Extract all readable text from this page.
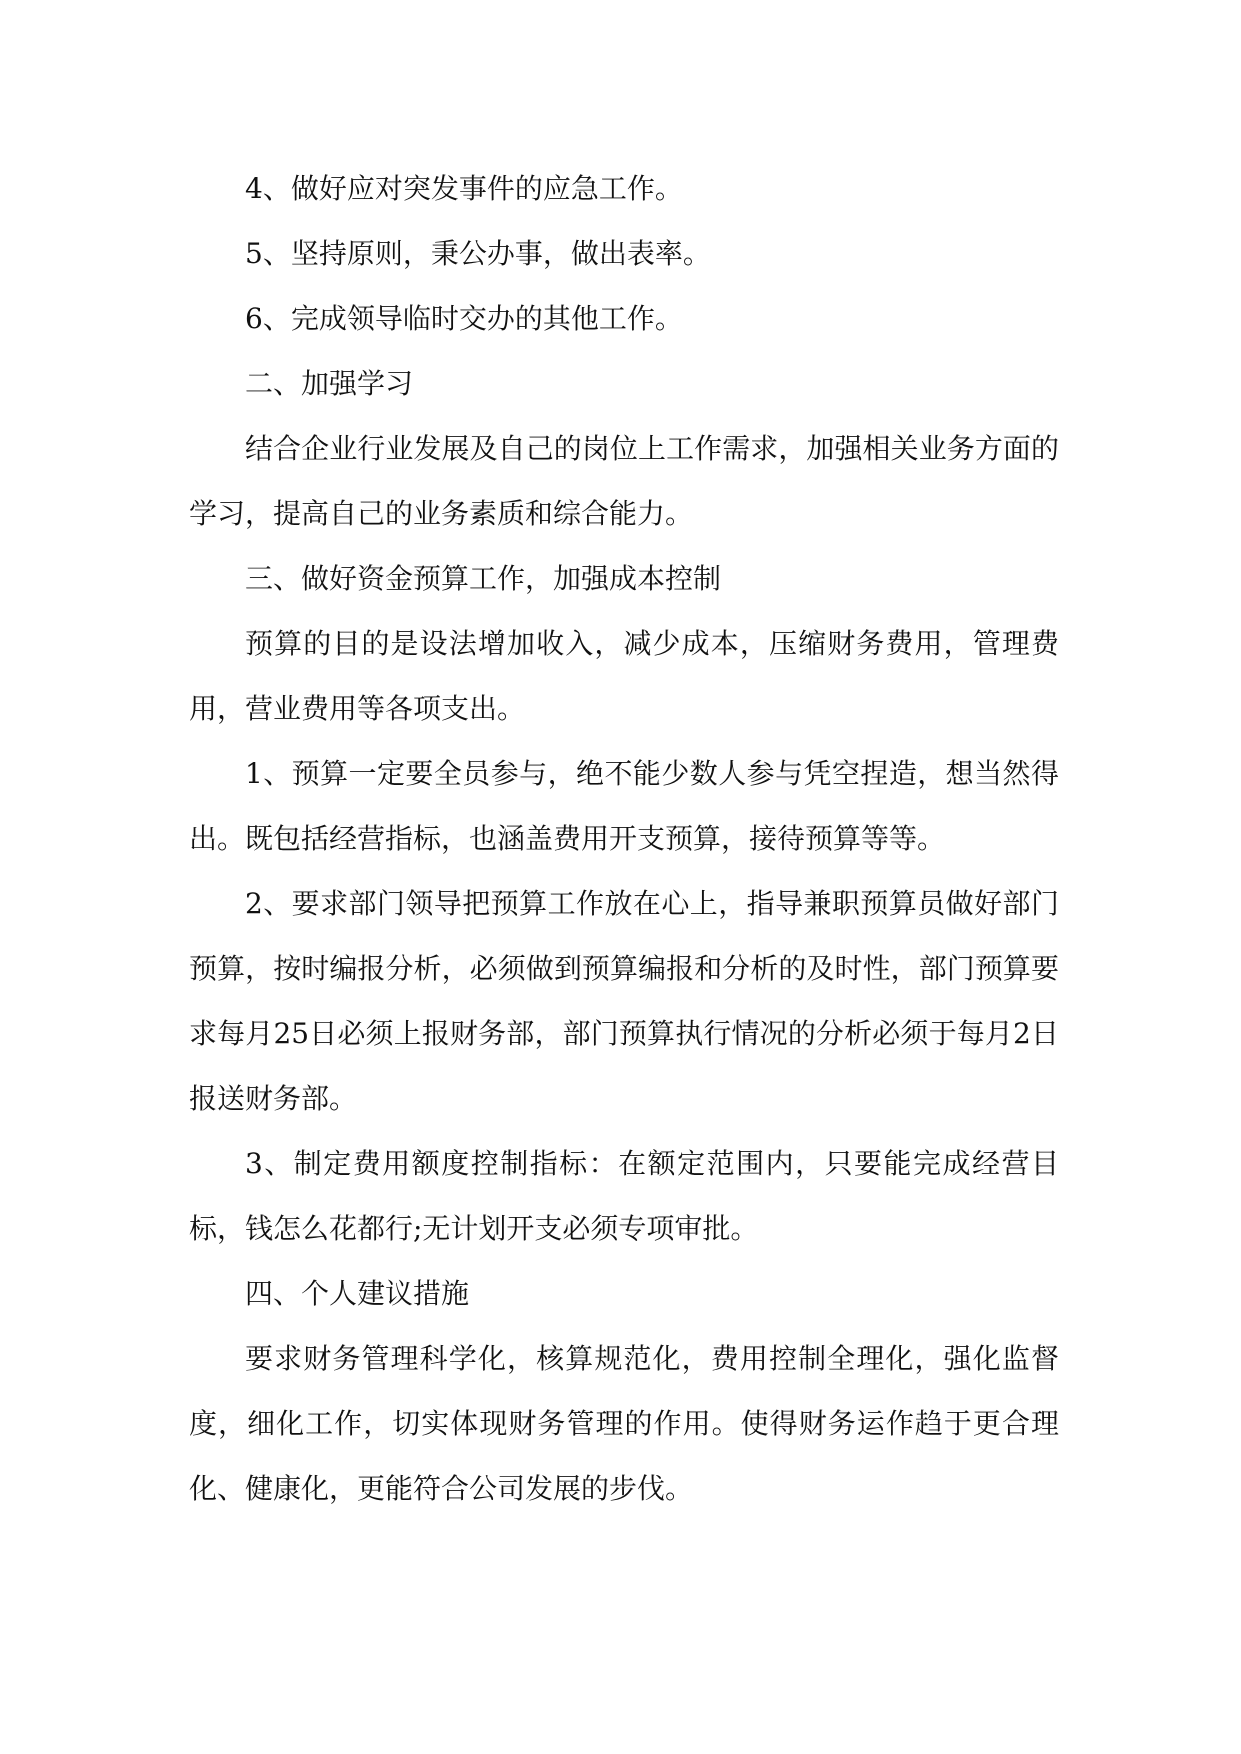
4、做好应对突发事件的应急工作。

5、坚持原则，秉公办事，做出表率。

6、完成领导临时交办的其他工作。

二、加强学习

结合企业行业发展及自己的岗位上工作需求，加强相关业务方面的学习，提高自己的业务素质和综合能力。

三、做好资金预算工作，加强成本控制

预算的目的是设法增加收入，减少成本，压缩财务费用，管理费用，营业费用等各项支出。

1、预算一定要全员参与，绝不能少数人参与凭空捏造，想当然得出。既包括经营指标，也涵盖费用开支预算，接待预算等等。

2、要求部门领导把预算工作放在心上，指导兼职预算员做好部门预算，按时编报分析，必须做到预算编报和分析的及时性，部门预算要求每月25日必须上报财务部，部门预算执行情况的分析必须于每月2日报送财务部。

3、制定费用额度控制指标：在额定范围内，只要能完成经营目标，钱怎么花都行;无计划开支必须专项审批。

四、个人建议措施

要求财务管理科学化，核算规范化，费用控制全理化，强化监督度，细化工作，切实体现财务管理的作用。使得财务运作趋于更合理化、健康化，更能符合公司发展的步伐。
